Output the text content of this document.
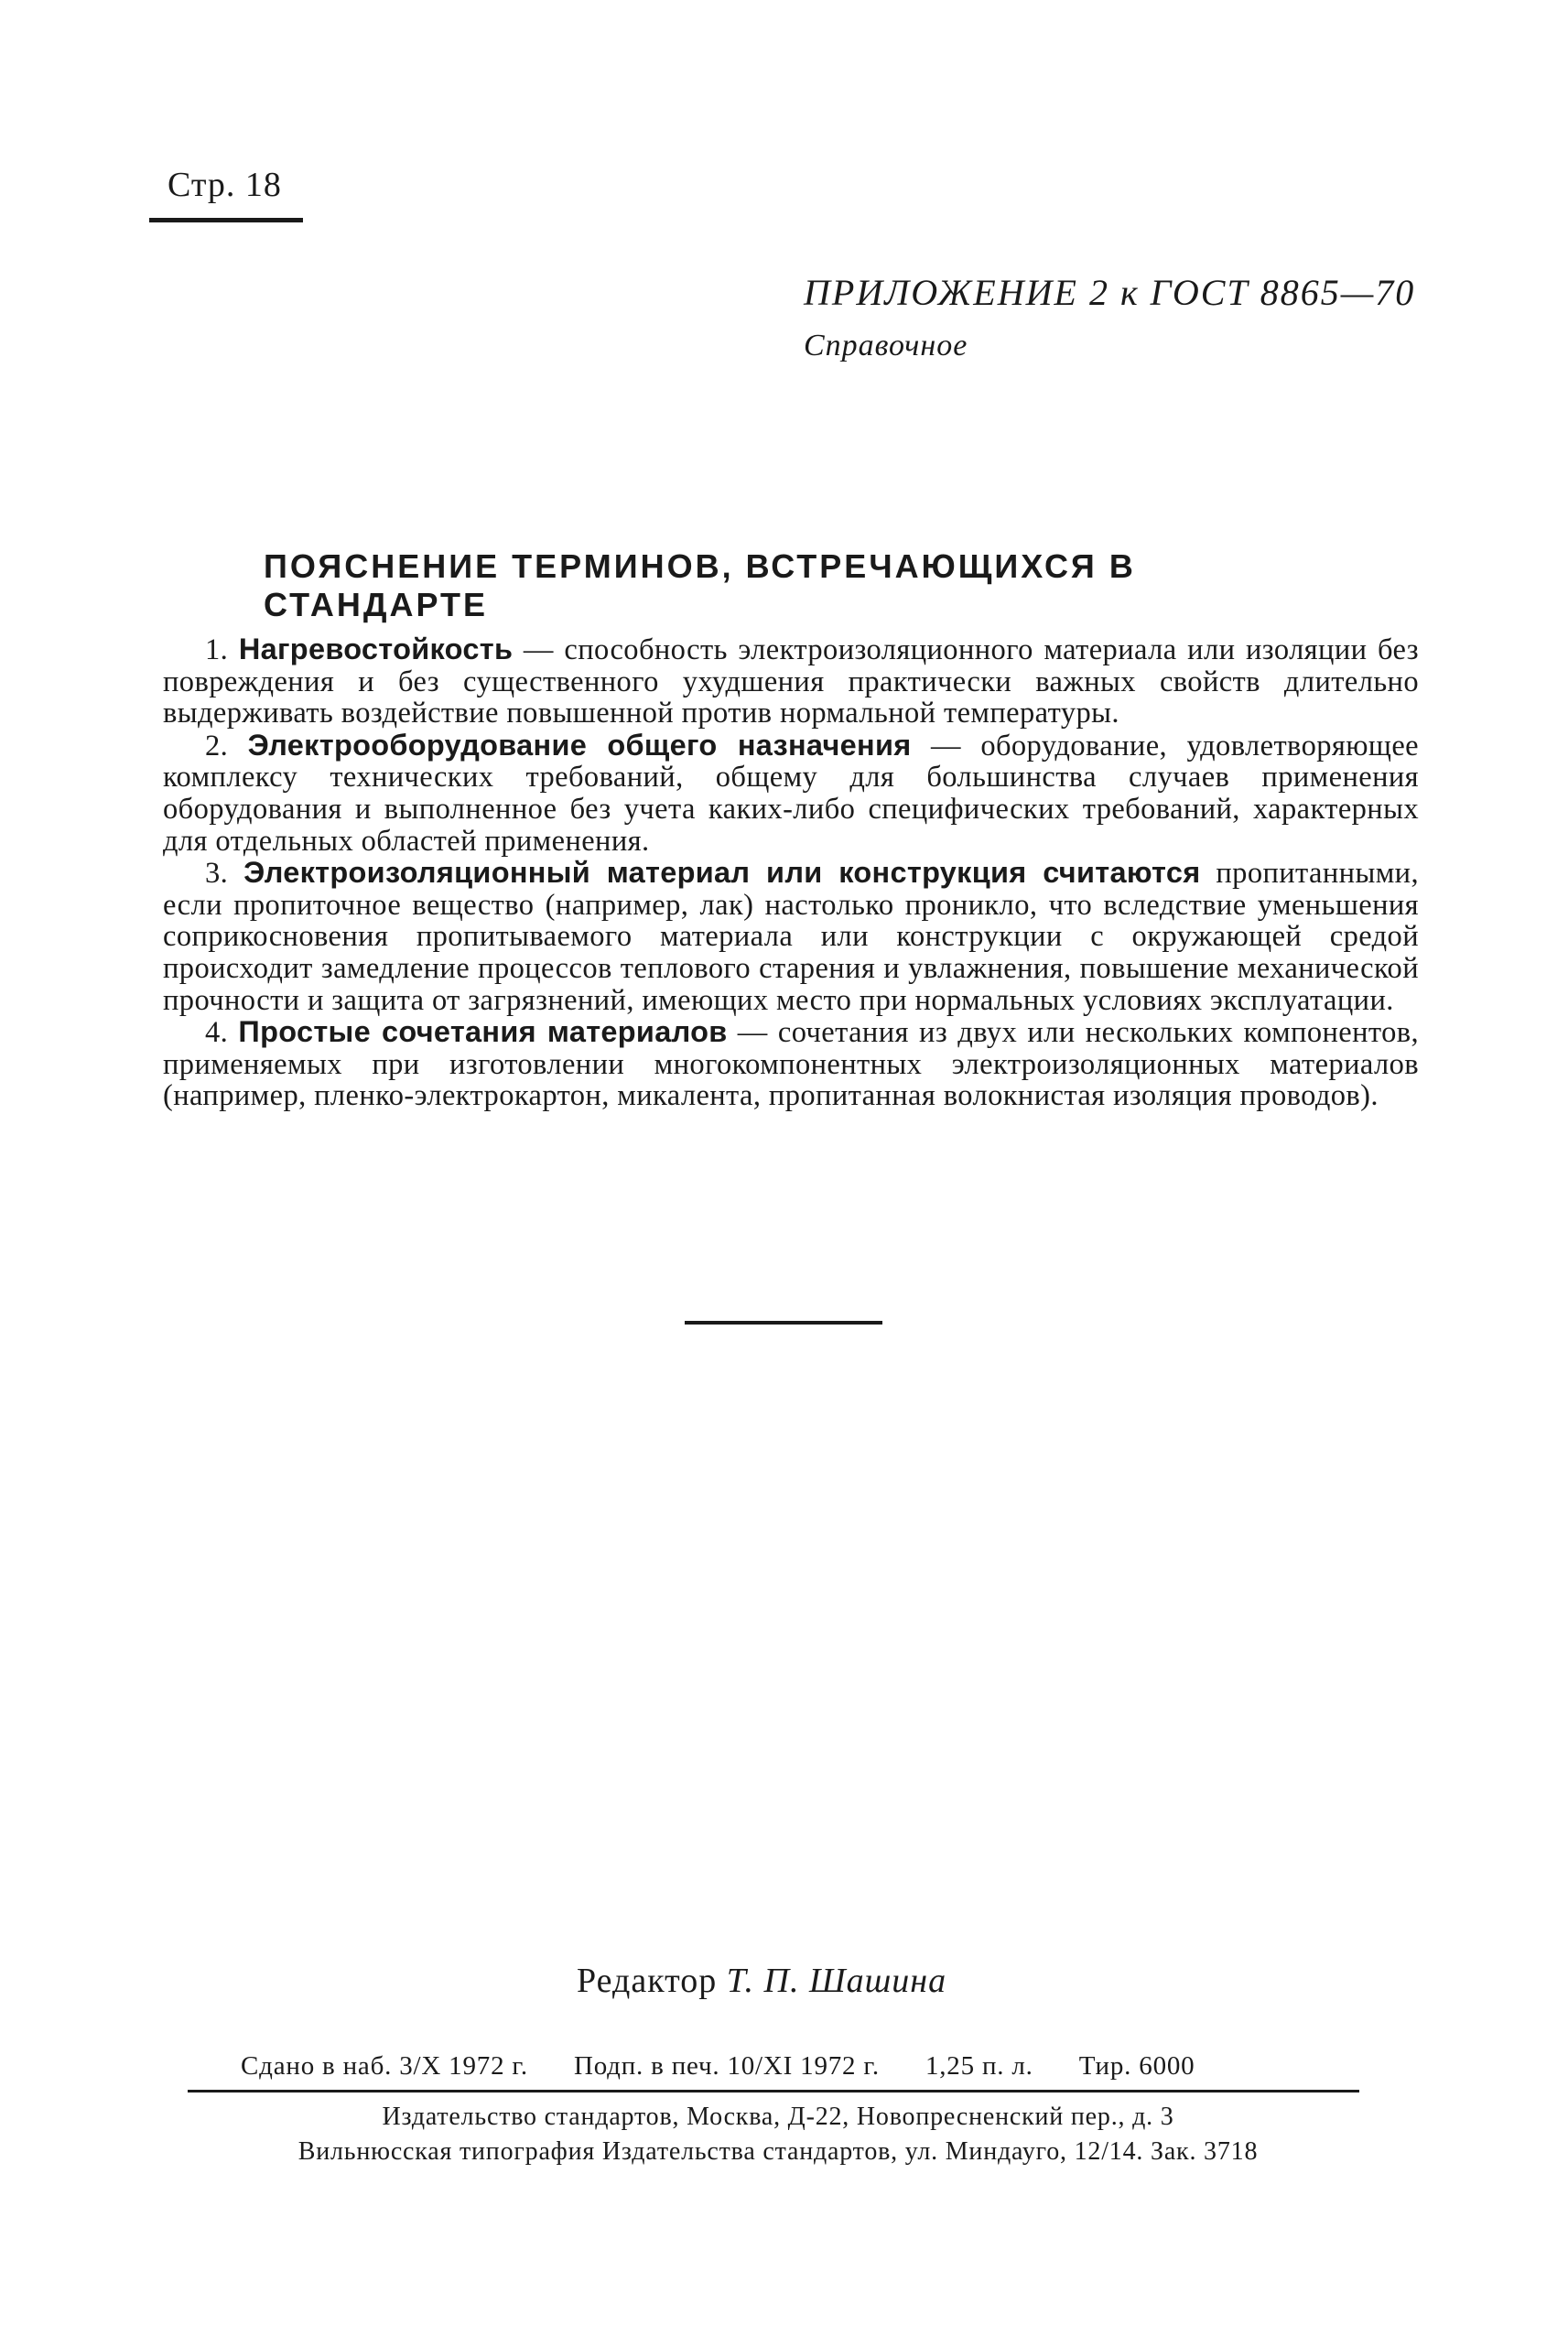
Стр. 18
ПРИЛОЖЕНИЕ 2 к ГОСТ 8865—70
Справочное
ПОЯСНЕНИЕ ТЕРМИНОВ, ВСТРЕЧАЮЩИХСЯ В СТАНДАРТЕ

1. Нагревостойкость — способность электроизоляционного материала или изоляции без повреждения и без существенного ухудшения практически важных свойств длительно выдерживать воздействие повышенной против нормальной температуры.

2. Электрооборудование общего назначения — оборудование, удовлетворяющее комплексу технических требований, общему для большинства случаев применения оборудования и выполненное без учета каких-либо специфических требований, характерных для отдельных областей применения.

3. Электроизоляционный материал или конструкция считаются пропитанными, если пропиточное вещество (например, лак) настолько проникло, что вследствие уменьшения соприкосновения пропитываемого материала или конструкции с окружающей средой происходит замедление процессов теплового старения и увлажнения, повышение механической прочности и защита от загрязнений, имеющих место при нормальных условиях эксплуатации.

4. Простые сочетания материалов — сочетания из двух или нескольких компонентов, применяемых при изготовлении многокомпонентных электроизоляционных материалов (например, пленко-электрокартон, микалента, пропитанная волокнистая изоляция проводов).

Редактор Т. П. Шашина
Сдано в наб. 3/X 1972 г. Подп. в печ. 10/XI 1972 г. 1,25 п. л. Тир. 6000
Издательство стандартов, Москва, Д-22, Новопресненский пер., д. 3
Вильнюсская типография Издательства стандартов, ул. Миндауго, 12/14. Зак. 3718
